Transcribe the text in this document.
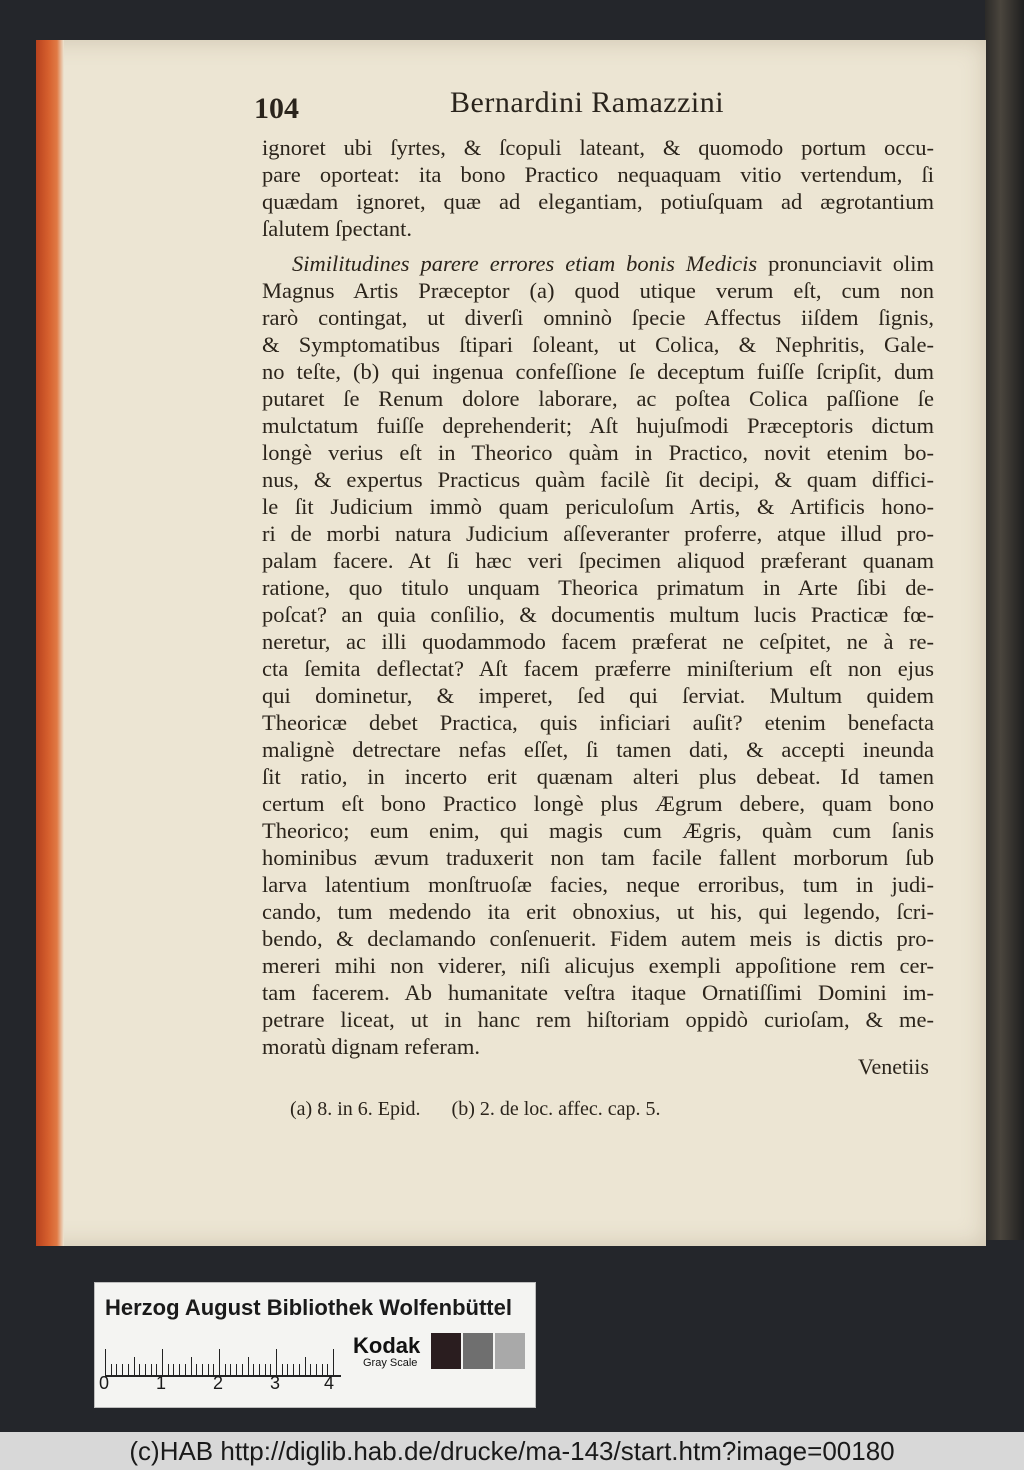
104	Bernardini Ramazzini
ignoret ubi ſyrtes, & ſcopuli lateant, & quomodo portum occu-
pare oporteat: ita bono Practico nequaquam vitio vertendum, ſi
quædam ignoret, quæ ad elegantiam, potiuſquam ad ægrotantium
ſalutem ſpectant.
Similitudines parere errores etiam bonis Medicis pronunciavit olim
Magnus Artis Præceptor (a) quod utique verum eſt, cum non
rarò contingat, ut diverſi omninò ſpecie Affectus iiſdem ſignis,
& Symptomatibus ſtipari ſoleant, ut Colica, & Nephritis, Gale-
no teſte, (b) qui ingenua confeſſione ſe deceptum fuiſſe ſcripſit, dum
putaret ſe Renum dolore laborare, ac poſtea Colica paſſione ſe
mulctatum fuiſſe deprehenderit; Aſt hujuſmodi Præceptoris dictum
longè verius eſt in Theorico quàm in Practico, novit etenim bo-
nus, & expertus Practicus quàm facilè ſit decipi, & quam diffici-
le ſit Judicium immò quam periculoſum Artis, & Artificis hono-
ri de morbi natura Judicium aſſeveranter proferre, atque illud pro-
palam facere. At ſi hæc veri ſpecimen aliquod præferant quanam
ratione, quo titulo unquam Theorica primatum in Arte ſibi de-
poſcat? an quia conſilio, & documentis multum lucis Practicæ fœ-
neretur, ac illi quodammodo facem præferat ne ceſpitet, ne à re-
cta ſemita deflectat? Aſt facem præferre miniſterium eſt non ejus
qui dominetur, & imperet, ſed qui ſerviat. Multum quidem
Theoricæ debet Practica, quis inficiari auſit? etenim benefacta
malignè detrectare nefas eſſet, ſi tamen dati, & accepti ineunda
ſit ratio, in incerto erit quænam alteri plus debeat. Id tamen
certum eſt bono Practico longè plus Ægrum debere, quam bono
Theorico; eum enim, qui magis cum Ægris, quàm cum ſanis
hominibus ævum traduxerit non tam facile fallent morborum ſub
larva latentium monſtruoſæ facies, neque erroribus, tum in judi-
cando, tum medendo ita erit obnoxius, ut his, qui legendo, ſcri-
bendo, & declamando conſenuerit. Fidem autem meis is dictis pro-
mereri mihi non viderer, niſi alicujus exempli appoſitione rem cer-
tam facerem. Ab humanitate veſtra itaque Ornatiſſimi Domini im-
petrare liceat, ut in hanc rem hiſtoriam oppidò curioſam, & me-
moratù dignam referam.
Venetiis
(a) 8. in 6. Epid. (b) 2. de loc. affec. cap. 5.
Herzog August Bibliothek Wolfenbüttel
0	1	2	3 4
Kodak
Gray Scale
(c)HAB http://diglib.hab.de/drucke/ma-143/start.htm?image=00180
